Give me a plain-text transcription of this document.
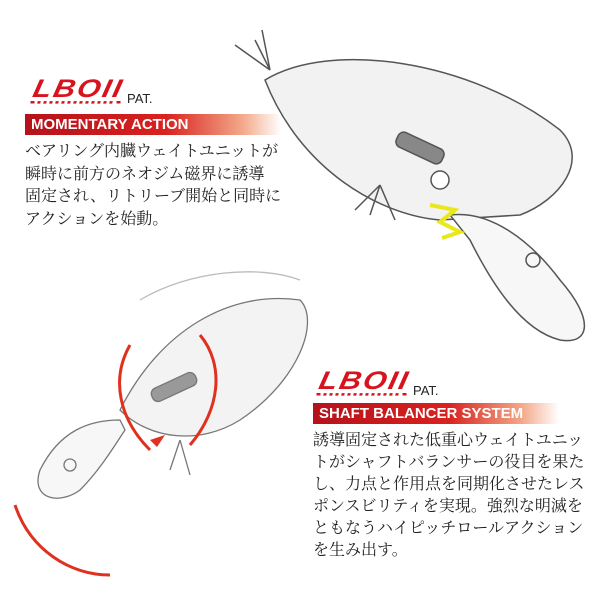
LBOII PAT.
MOMENTARY ACTION
ベアリング内臓ウェイトユニットが
瞬時に前方のネオジム磁界に誘導
固定され、リトリーブ開始と同時に
アクションを始動。
LBOII PAT.
SHAFT BALANCER SYSTEM
誘導固定された低重心ウェイトユニッ
トがシャフトバランサーの役目を果た
し、力点と作用点を同期化させたレス
ポンスビリティを実現。強烈な明滅を
ともなうハイピッチロールアクション
を生み出す。
